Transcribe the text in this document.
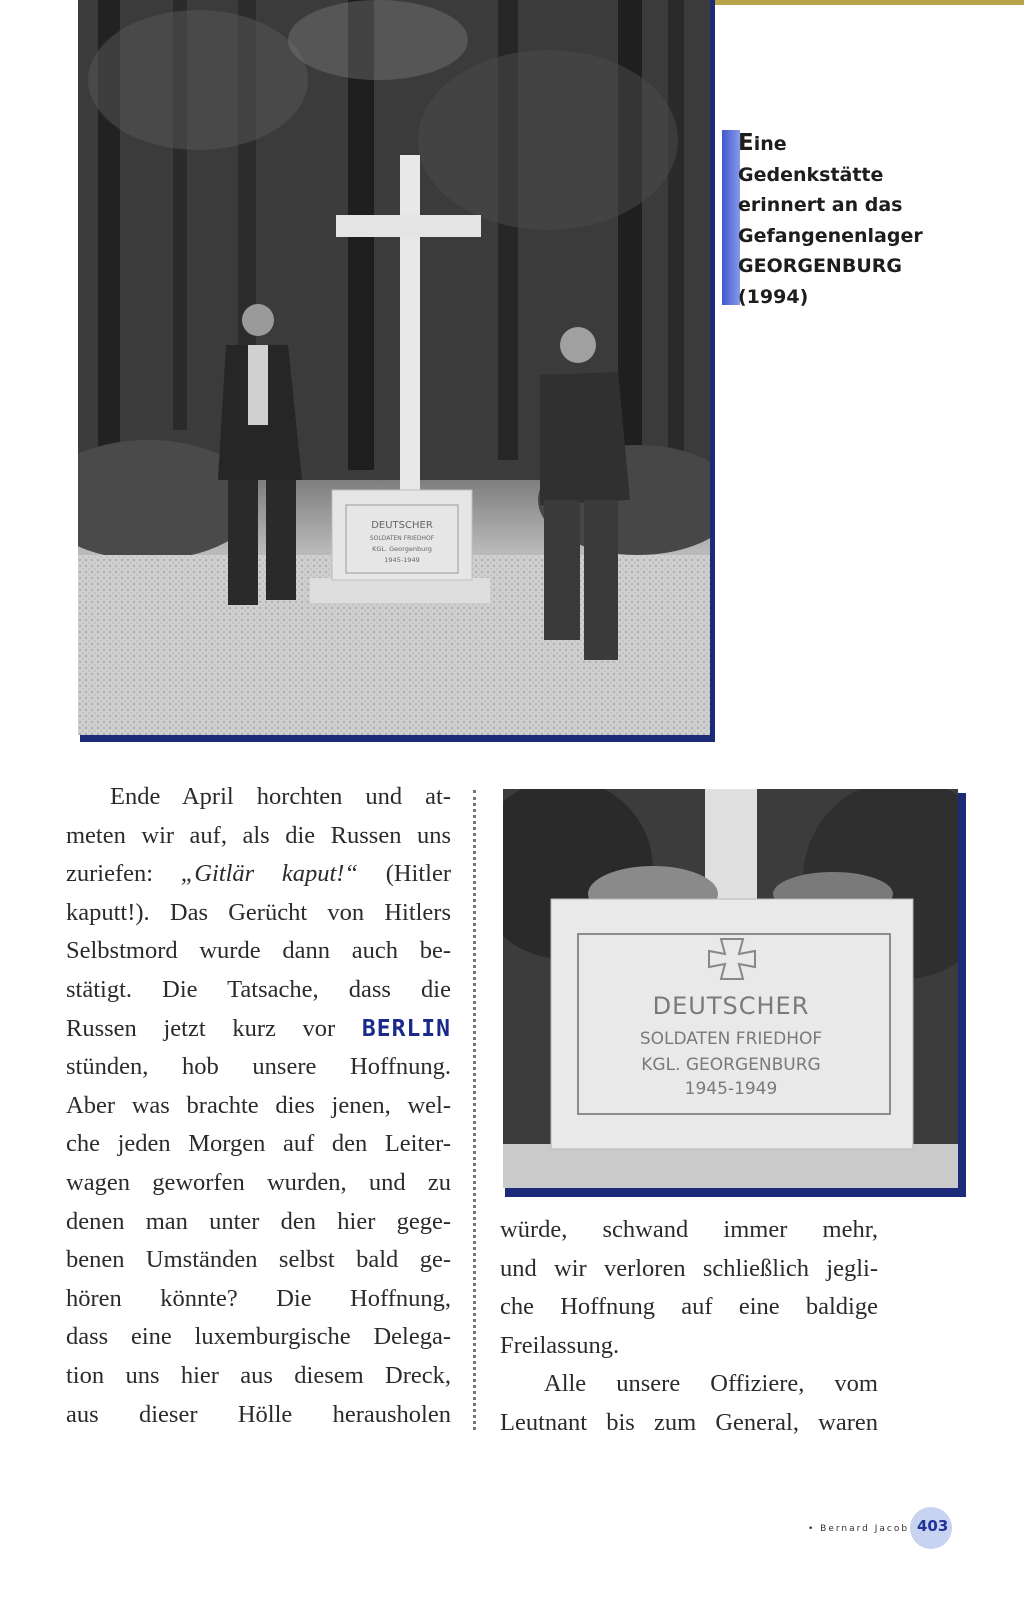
DEUTSCHER
SOLDATEN FRIEDHOF
KGL. Georgenburg
1945-1949
Eine
Gedenkstätte
erinnert an das
Gefangenenlager
GEORGENBURG
(1994)
DEUTSCHER
SOLDATEN FRIEDHOF
KGL. GEORGENBURG
1945-1949
Ende April horchten und at-
meten wir auf, als die Russen uns
zuriefen: „Gitlär kaput!“ (Hitler
kaputt!). Das Gerücht von Hitlers
Selbstmord wurde dann auch be-
stätigt. Die Tatsache, dass die
Russen jetzt kurz vor BERLIN
stünden, hob unsere Hoffnung.
Aber was brachte dies jenen, wel-
che jeden Morgen auf den Leiter-
wagen geworfen wurden, und zu
denen man unter den hier gege-
benen Umständen selbst bald ge-
hören könnte? Die Hoffnung,
dass eine luxemburgische Delega-
tion uns hier aus diesem Dreck,
aus dieser Hölle herausholen
würde, schwand immer mehr,
und wir verloren schließlich jegli-
che Hoffnung auf eine baldige
Freilassung.
Alle unsere Offiziere, vom
Leutnant bis zum General, waren
• Bernard Jacob 403
